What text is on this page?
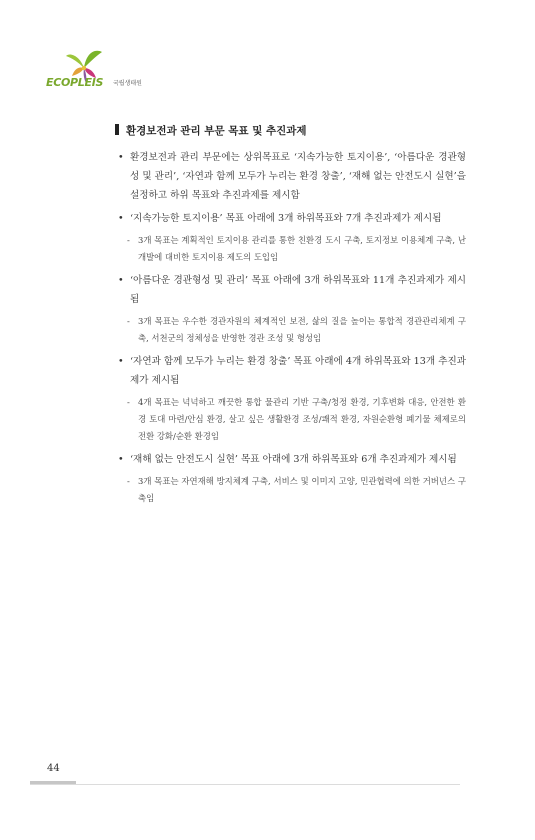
ECOPLEIS 국립생태원
환경보전과 관리 부문 목표 및 추진과제
• 환경보전과 관리 부문에는 상위목표로 ‘지속가능한 토지이용’, ‘아름다운 경관형성 및 관리’, ‘자연과 함께 모두가 누리는 환경 창출’, ‘재해 없는 안전도시 실현’을 설정하고 하위 목표와 추진과제를 제시함
• ‘지속가능한 토지이용’ 목표 아래에 3개 하위목표와 7개 추진과제가 제시됨
- 3개 목표는 계획적인 토지이용 관리를 통한 친환경 도시 구축, 토지정보 이용체계 구축, 난개발에 대비한 토지이용 제도의 도입임
• ‘아름다운 경관형성 및 관리’ 목표 아래에 3개 하위목표와 11개 추진과제가 제시됨
- 3개 목표는 우수한 경관자원의 체계적인 보전, 삶의 질을 높이는 통합적 경관관리체계 구축, 서천군의 정체성을 반영한 경관 조성 및 형성임
• ‘자연과 함께 모두가 누리는 환경 창출’ 목표 아래에 4개 하위목표와 13개 추진과제가 제시됨
- 4개 목표는 넉넉하고 깨끗한 통합 물관리 기반 구축/청정 환경, 기후변화 대응, 안전한 환경 토대 마련/안심 환경, 살고 싶은 생활환경 조성/쾌적 환경, 자원순환형 폐기물 체제로의 전환 강화/순환 환경임
• ‘재해 없는 안전도시 실현’ 목표 아래에 3개 하위목표와 6개 추진과제가 제시됨
- 3개 목표는 자연재해 방지체계 구축, 서비스 및 이미지 고양, 민관협력에 의한 거버넌스 구축임
44
